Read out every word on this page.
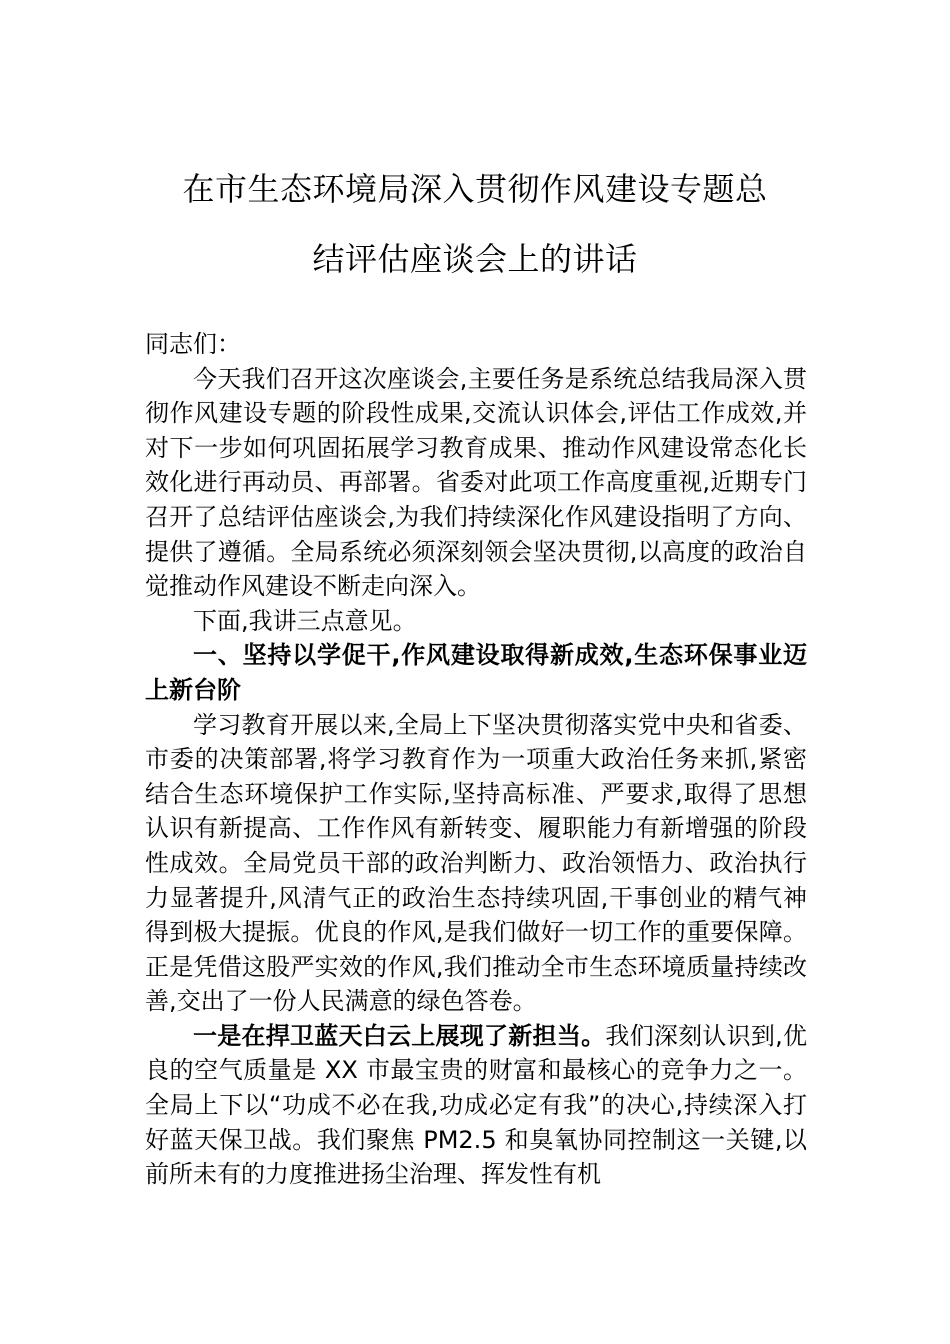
在市生态环境局深入贯彻作风建设专题总
结评估座谈会上的讲话

同志们：

今天我们召开这次座谈会,主要任务是系统总结我局深入贯彻作风建设专题的阶段性成果,交流认识体会,评估工作成效,并对下一步如何巩固拓展学习教育成果、推动作风建设常态化长效化进行再动员、再部署。省委对此项工作高度重视,近期专门召开了总结评估座谈会,为我们持续深化作风建设指明了方向、提供了遵循。全局系统必须深刻领会坚决贯彻,以高度的政治自觉推动作风建设不断走向深入。

下面,我讲三点意见。

一、坚持以学促干,作风建设取得新成效,生态环保事业迈上新台阶

学习教育开展以来,全局上下坚决贯彻落实党中央和省委、市委的决策部署,将学习教育作为一项重大政治任务来抓,紧密结合生态环境保护工作实际,坚持高标准、严要求,取得了思想认识有新提高、工作作风有新转变、履职能力有新增强的阶段性成效。全局党员干部的政治判断力、政治领悟力、政治执行力显著提升,风清气正的政治生态持续巩固,干事创业的精气神得到极大提振。优良的作风,是我们做好一切工作的重要保障。正是凭借这股严实效的作风,我们推动全市生态环境质量持续改善,交出了一份人民满意的绿色答卷。

一是在捍卫蓝天白云上展现了新担当。我们深刻认识到,优良的空气质量是 XX 市最宝贵的财富和最核心的竞争力之一。全局上下以“功成不必在我,功成必定有我”的决心,持续深入打好蓝天保卫战。我们聚焦 PM2.5 和臭氧协同控制这一关键,以前所未有的力度推进扬尘治理、挥发性有机
